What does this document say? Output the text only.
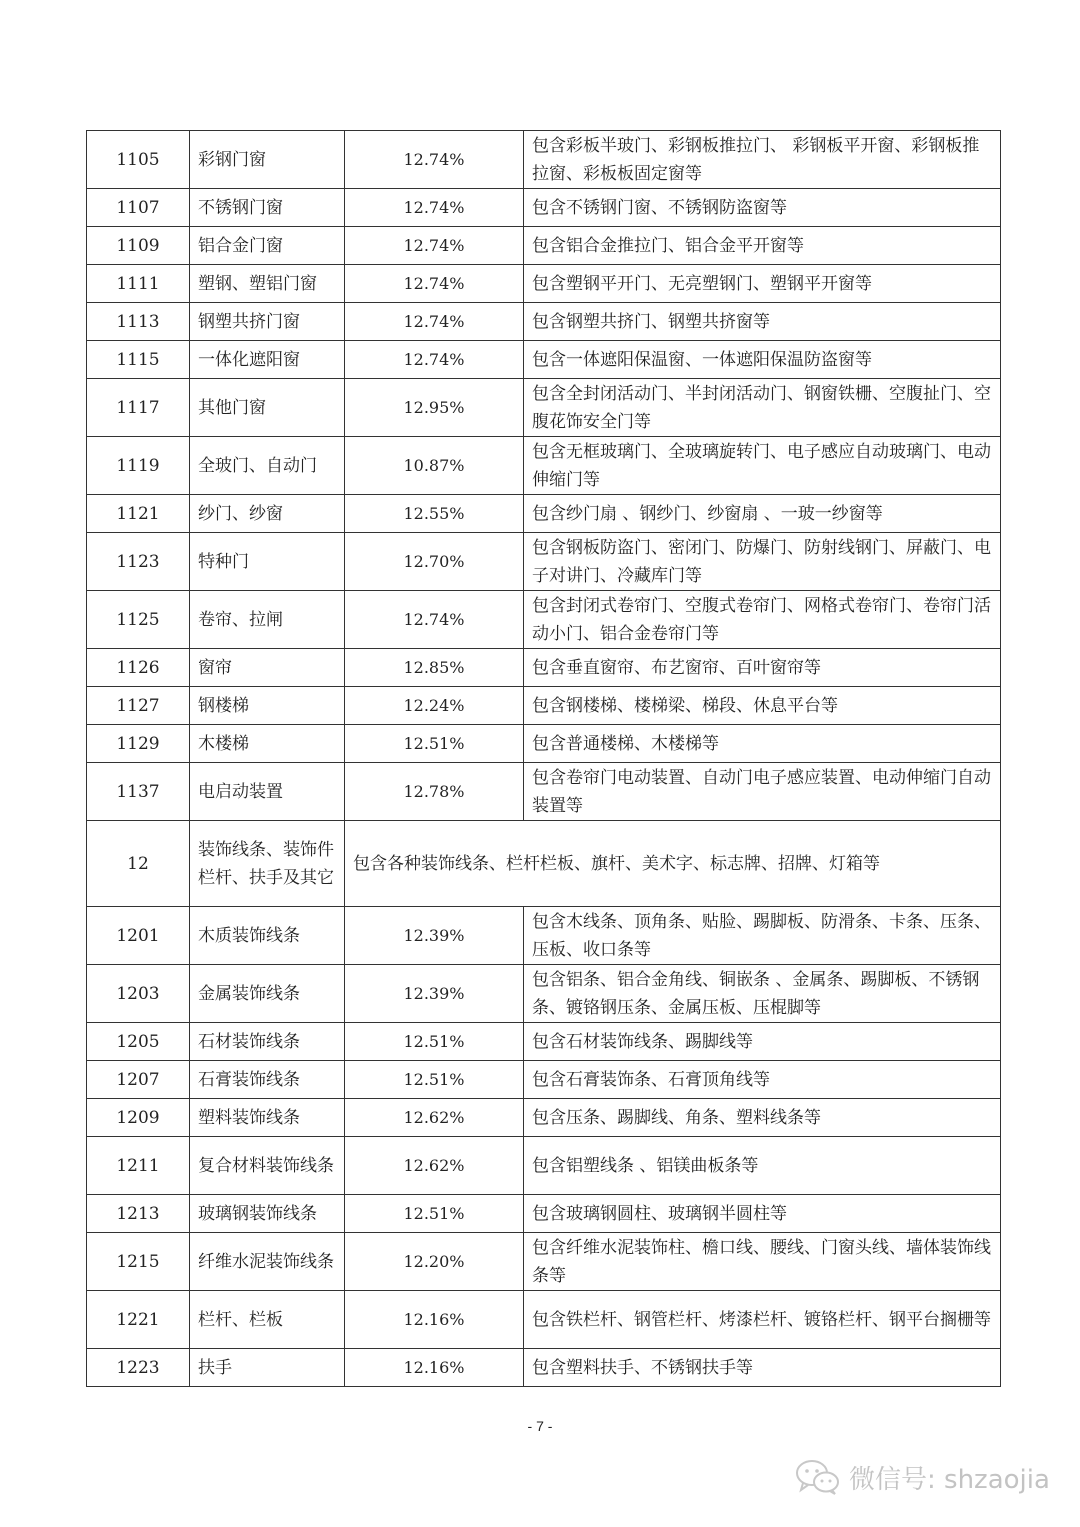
1105	彩钢门窗	12.74%	包含彩板半玻门、彩钢板推拉门、 彩钢板平开窗、彩钢板推拉窗、彩板板固定窗等
1107	不锈钢门窗	12.74%	包含不锈钢门窗、不锈钢防盗窗等
1109	铝合金门窗	12.74%	包含铝合金推拉门、铝合金平开窗等
1111	塑钢、塑铝门窗	12.74%	包含塑钢平开门、无亮塑钢门、塑钢平开窗等
1113	钢塑共挤门窗	12.74%	包含钢塑共挤门、钢塑共挤窗等
1115	一体化遮阳窗	12.74%	包含一体遮阳保温窗、一体遮阳保温防盗窗等
1117	其他门窗	12.95%	包含全封闭活动门、半封闭活动门、钢窗铁栅、空腹扯门、空腹花饰安全门等
1119	全玻门、自动门	10.87%	包含无框玻璃门、全玻璃旋转门、电子感应自动玻璃门、电动伸缩门等
1121	纱门、纱窗	12.55%	包含纱门扇 、钢纱门、纱窗扇 、一玻一纱窗等
1123	特种门	12.70%	包含钢板防盗门、密闭门、防爆门、防射线钢门、屏蔽门、电子对讲门、冷藏库门等
1125	卷帘、拉闸	12.74%	包含封闭式卷帘门、空腹式卷帘门、网格式卷帘门、卷帘门活动小门、铝合金卷帘门等
1126	窗帘	12.85%	包含垂直窗帘、布艺窗帘、百叶窗帘等
1127	钢楼梯	12.24%	包含钢楼梯、楼梯梁、梯段、休息平台等
1129	木楼梯	12.51%	包含普通楼梯、木楼梯等
1137	电启动装置	12.78%	包含卷帘门电动装置、自动门电子感应装置、电动伸缩门自动装置等
12	装饰线条、装饰件栏杆、扶手及其它	包含各种装饰线条、栏杆栏板、旗杆、美术字、标志牌、招牌、灯箱等	
1201	木质装饰线条	12.39%	包含木线条、顶角条、贴脸、踢脚板、防滑条、卡条、压条、压板、收口条等
1203	金属装饰线条	12.39%	包含铝条、铝合金角线、铜嵌条 、金属条、踢脚板、不锈钢条、镀铬钢压条、金属压板、压棍脚等
1205	石材装饰线条	12.51%	包含石材装饰线条、踢脚线等
1207	石膏装饰线条	12.51%	包含石膏装饰条、石膏顶角线等
1209	塑料装饰线条	12.62%	包含压条、踢脚线、角条、塑料线条等
1211	复合材料装饰线条	12.62%	包含铝塑线条 、铝镁曲板条等
1213	玻璃钢装饰线条	12.51%	包含玻璃钢圆柱、玻璃钢半圆柱等
1215	纤维水泥装饰线条	12.20%	包含纤维水泥装饰柱、檐口线、腰线、门窗头线、墙体装饰线条等
1221	栏杆、栏板	12.16%	包含铁栏杆、钢管栏杆、烤漆栏杆、镀铬栏杆、钢平台搁栅等
1223	扶手	12.16%	包含塑料扶手、不锈钢扶手等
- 7 -
微信号: shzaojia
